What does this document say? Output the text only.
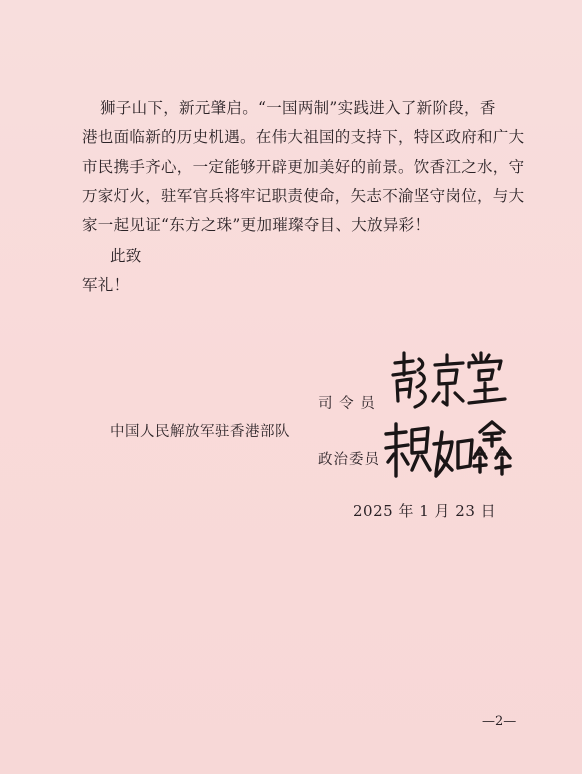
狮子山下，新元肇启。“一国两制”实践进入了新阶段，香
港也面临新的历史机遇。在伟大祖国的支持下，特区政府和广大
市民携手齐心，一定能够开辟更加美好的前景。饮香江之水，守
万家灯火，驻军官兵将牢记职责使命，矢志不渝坚守岗位，与大
家一起见证“东方之珠”更加璀璨夺目、大放异彩！
此致
军礼！
中国人民解放军驻香港部队
司 令 员
政治委员
2025 年 1 月 23 日
—2—
